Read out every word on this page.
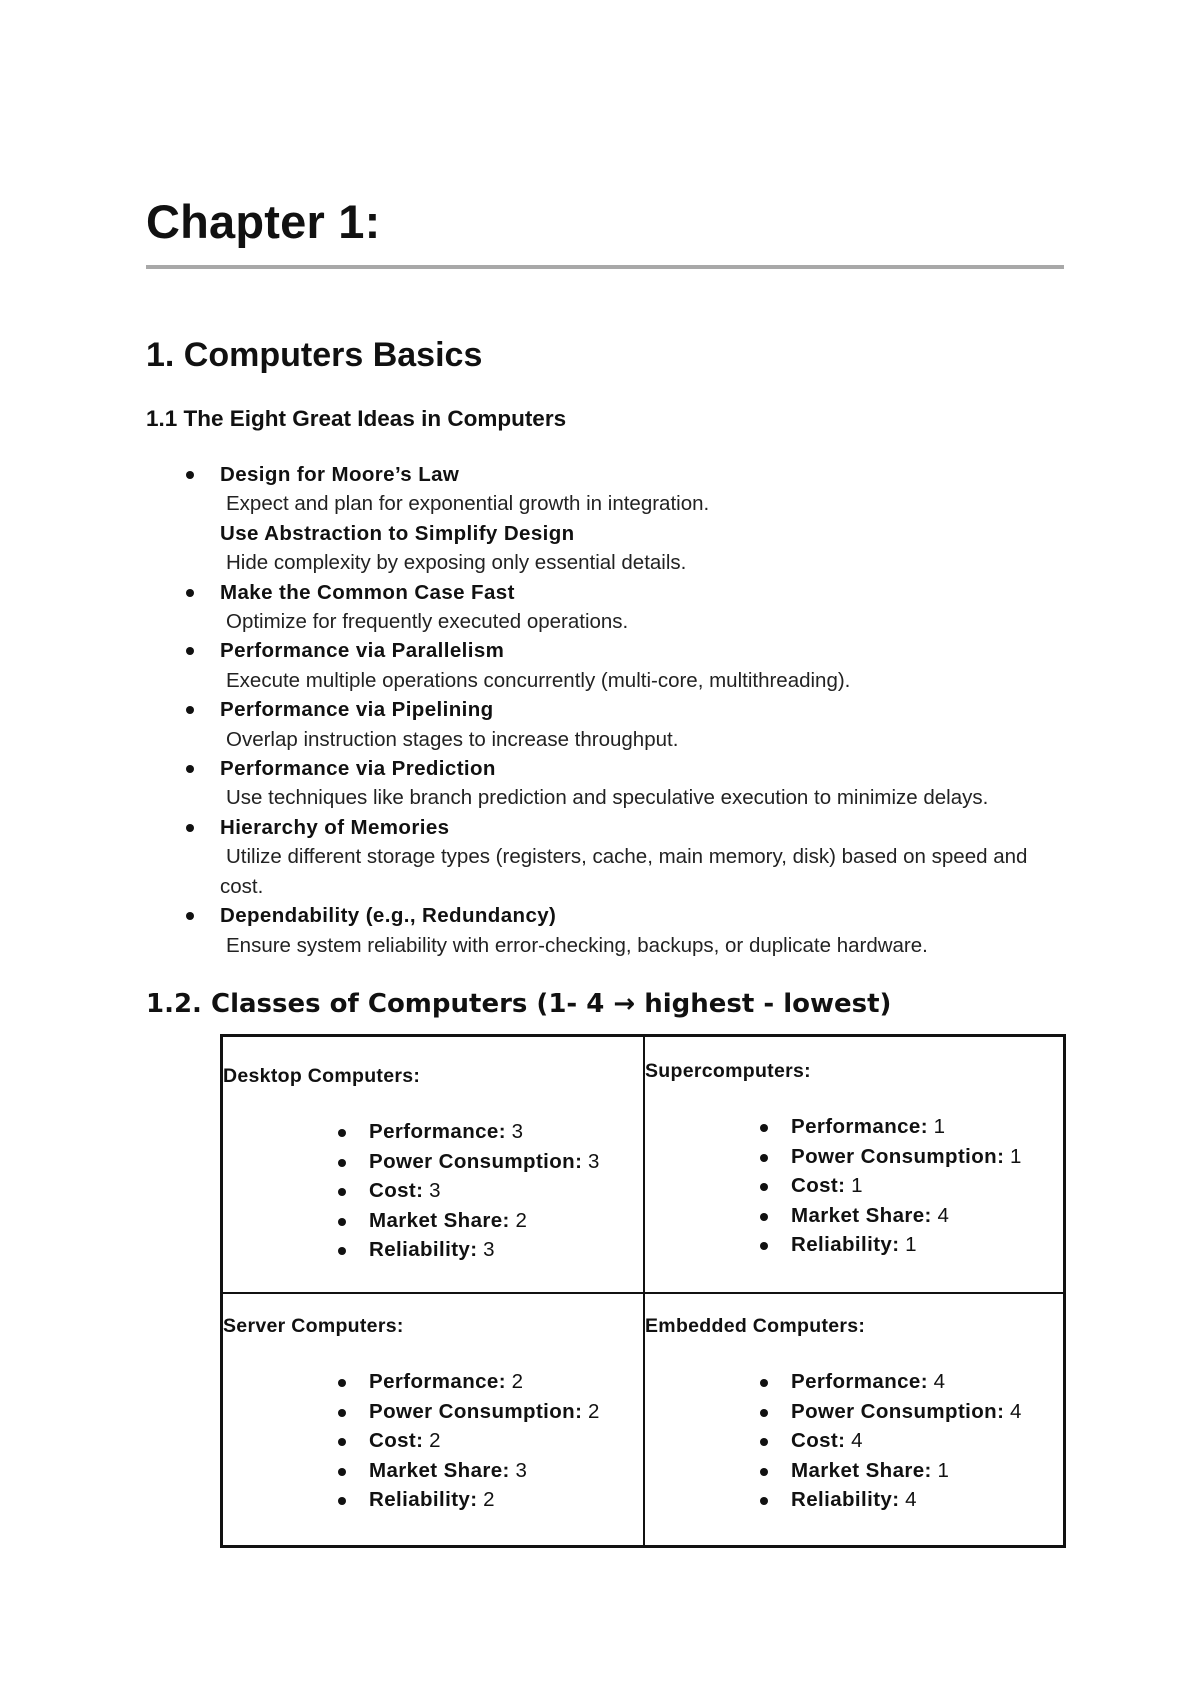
Chapter 1:
1. Computers Basics
1.1 The Eight Great Ideas in Computers
Design for Moore’s Law
Expect and plan for exponential growth in integration.
Use Abstraction to Simplify Design
Hide complexity by exposing only essential details.
Make the Common Case Fast
Optimize for frequently executed operations.
Performance via Parallelism
Execute multiple operations concurrently (multi-core, multithreading).
Performance via Pipelining
Overlap instruction stages to increase throughput.
Performance via Prediction
Use techniques like branch prediction and speculative execution to minimize delays.
Hierarchy of Memories
Utilize different storage types (registers, cache, main memory, disk) based on speed and cost.
Dependability (e.g., Redundancy)
Ensure system reliability with error-checking, backups, or duplicate hardware.
1.2. Classes of Computers (1- 4 → highest - lowest)
Desktop Computers:
Performance: 3
Power Consumption: 3
Cost: 3
Market Share: 2
Reliability: 3
Supercomputers:
Performance: 1
Power Consumption: 1
Cost: 1
Market Share: 4
Reliability: 1
Server Computers:
Performance: 2
Power Consumption: 2
Cost: 2
Market Share: 3
Reliability: 2
Embedded Computers:
Performance: 4
Power Consumption: 4
Cost: 4
Market Share: 1
Reliability: 4
